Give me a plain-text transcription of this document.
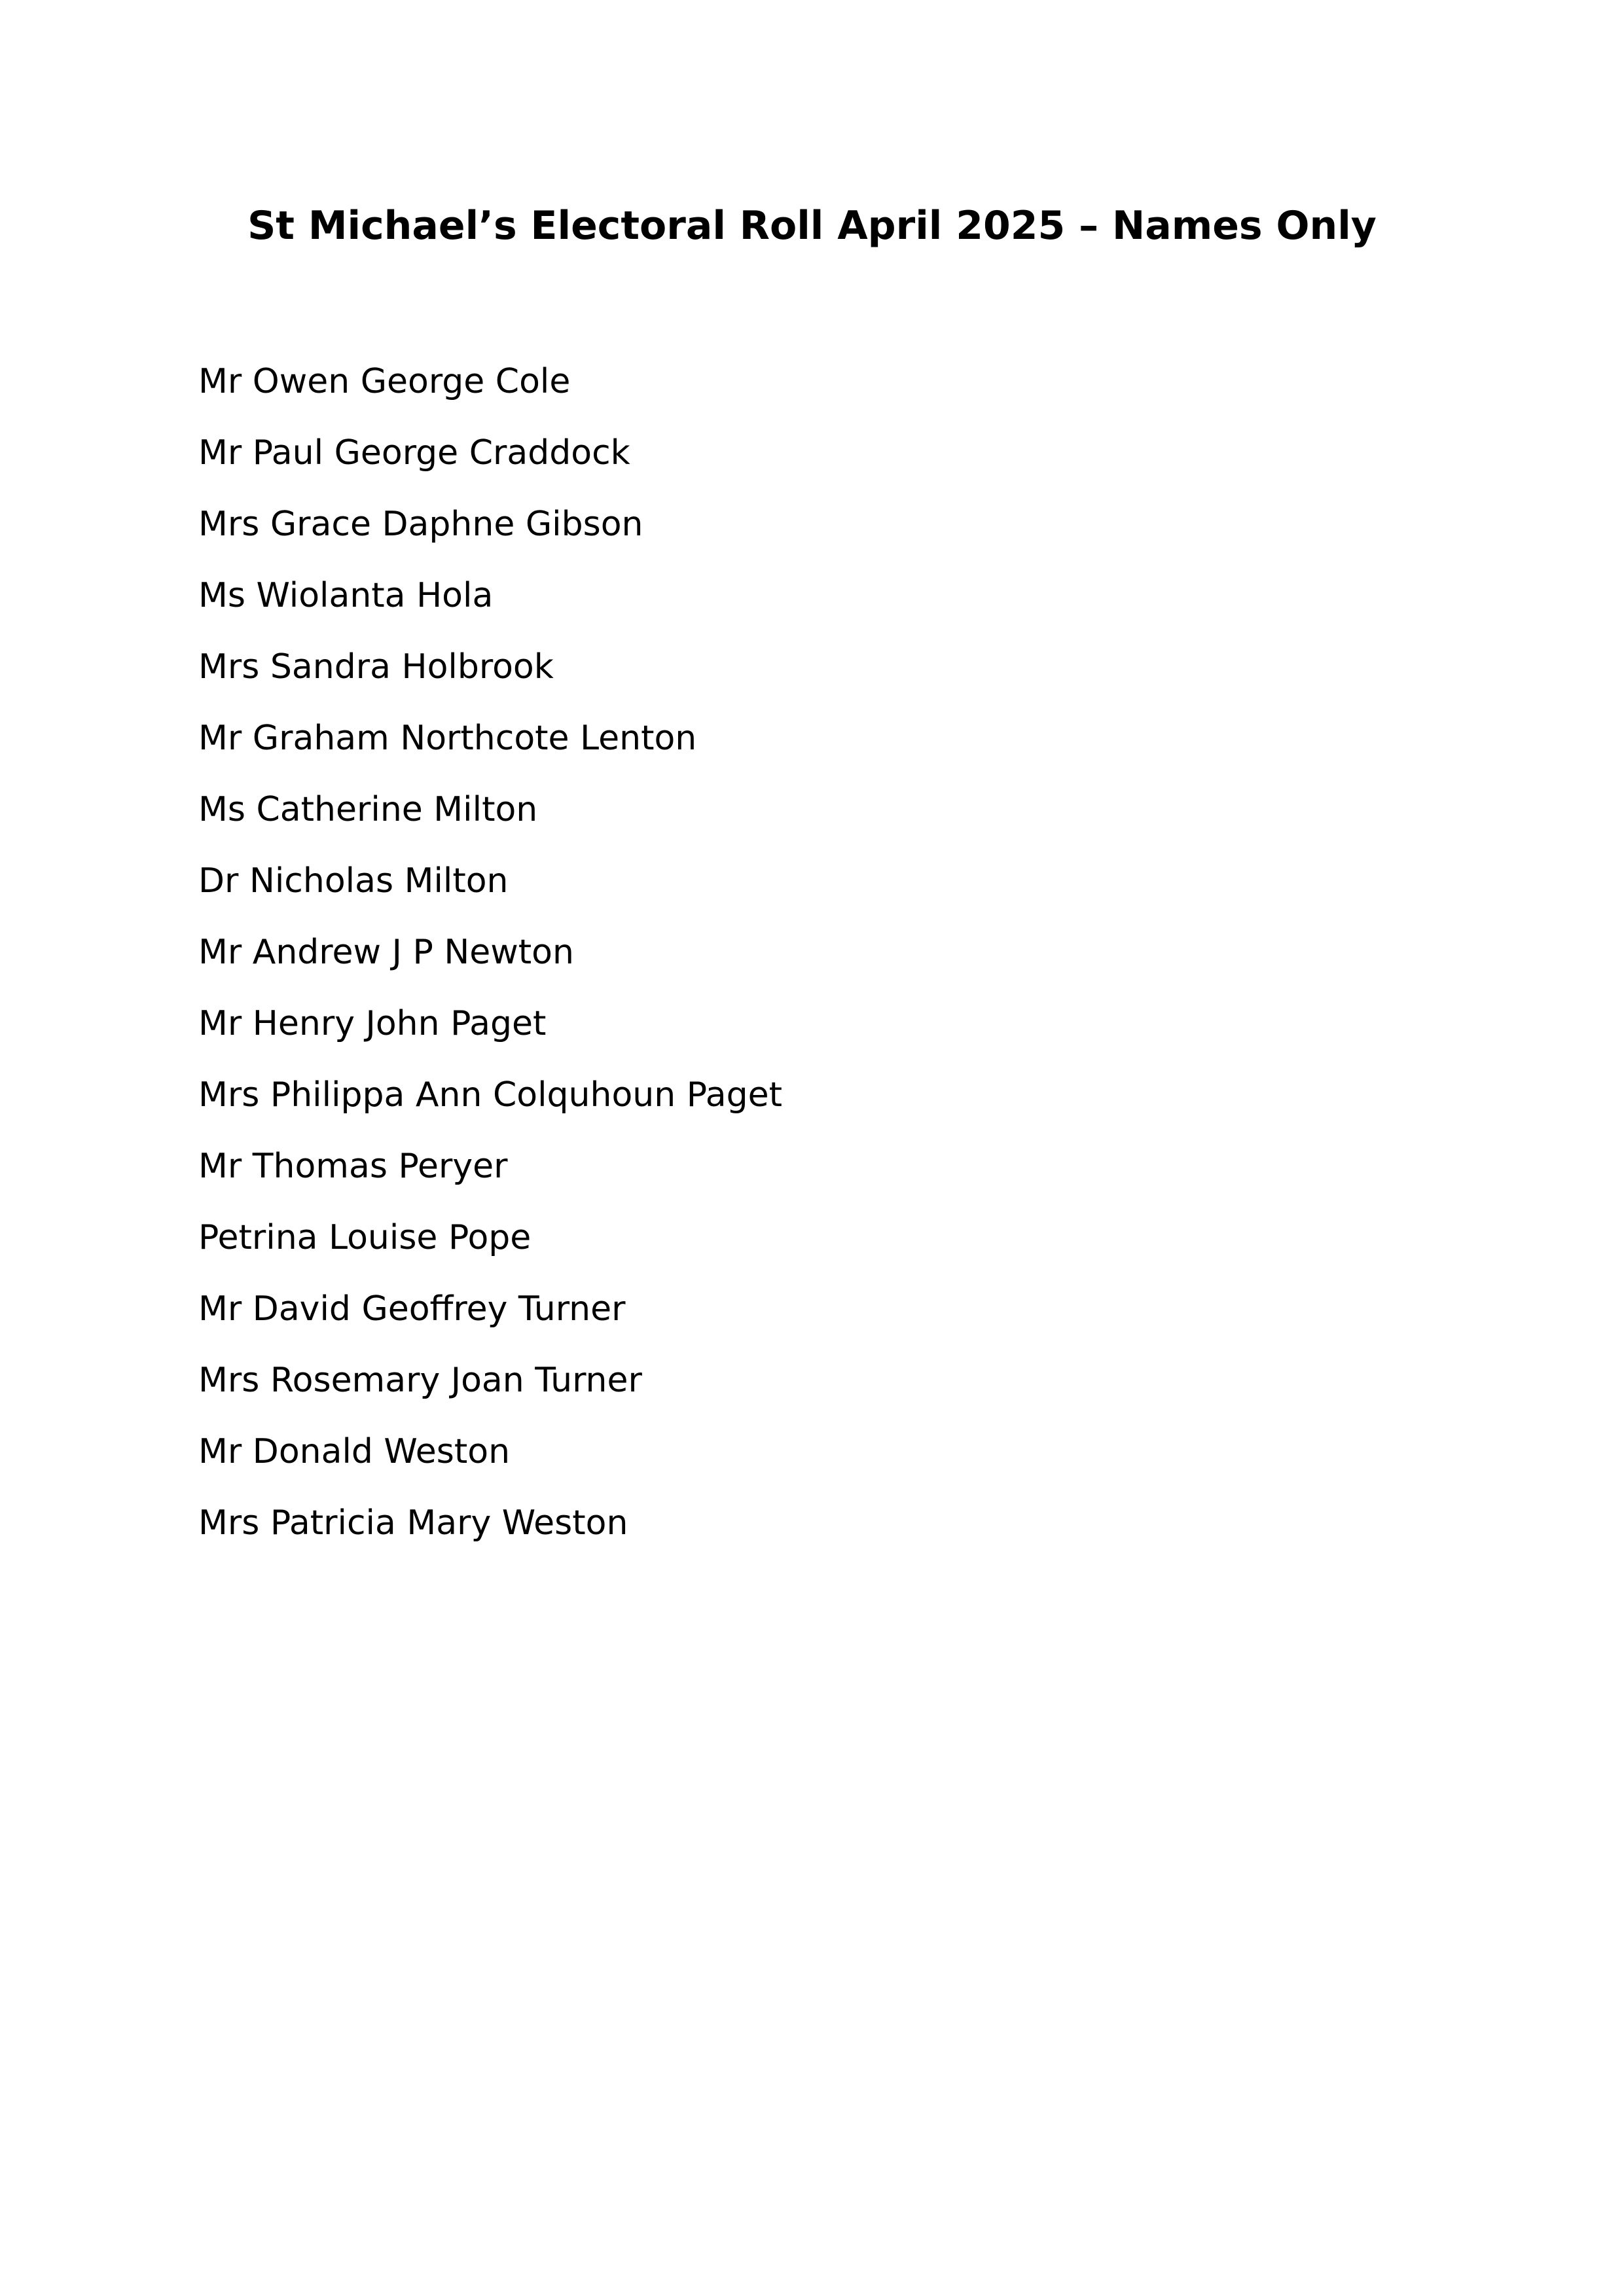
St Michael’s Electoral Roll April 2025 – Names Only
Mr Owen George Cole
Mr Paul George Craddock
Mrs Grace Daphne Gibson
Ms Wiolanta Hola
Mrs Sandra Holbrook
Mr Graham Northcote Lenton
Ms Catherine Milton
Dr Nicholas Milton
Mr Andrew J P Newton
Mr Henry John Paget
Mrs Philippa Ann Colquhoun Paget
Mr Thomas Peryer
Petrina Louise Pope
Mr David Geoffrey Turner
Mrs Rosemary Joan Turner
Mr Donald Weston
Mrs Patricia Mary Weston
